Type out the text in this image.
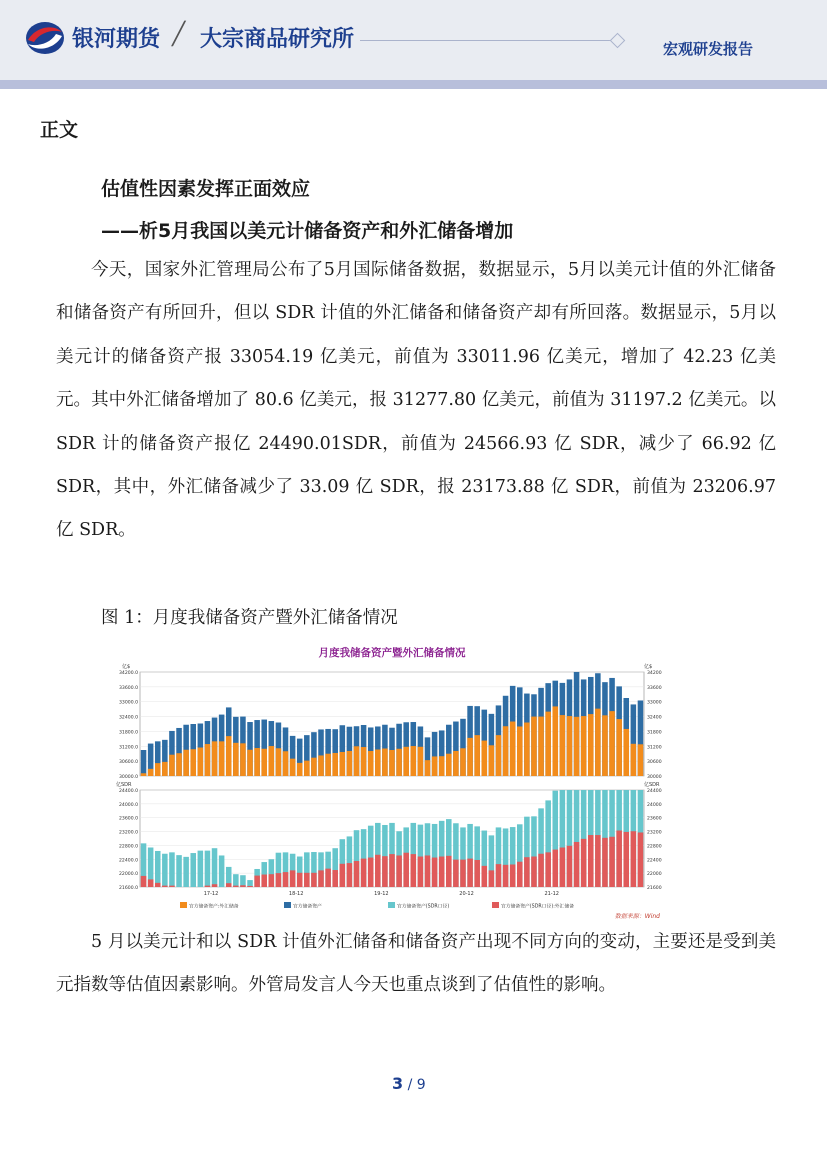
银河期货 ╱ 大宗商品研究所	宏观研发报告
正文
估值性因素发挥正面效应
——析5月我国以美元计储备资产和外汇储备增加

今天，国家外汇管理局公布了5月国际储备数据，数据显示，5月以美元计值的外汇储备和储备资产有所回升，但以 SDR 计值的外汇储备和储备资产却有所回落。数据显示，5月以美元计的储备资产报 33054.19 亿美元，前值为 33011.96 亿美元，增加了 42.23 亿美元。其中外汇储备增加了 80.6 亿美元，报 31277.80 亿美元，前值为 31197.2 亿美元。以 SDR 计的储备资产报亿 24490.01SDR，前值为 24566.93 亿 SDR，减少了 66.92 亿 SDR，其中，外汇储备减少了 33.09 亿 SDR，报 23173.88 亿 SDR，前值为 23206.97 亿 SDR。

图 1：月度我储备资产暨外汇储备情况
月度我储备资产暨外汇储备情况
亿$	亿$
亿SDR	亿SDR
34200.0	34200
33600.0	33600
33000.0	33000
32400.0	32400
31800.0	31800
31200.0	31200
30600.0	30600
30000.0	30000
24400.0	24400
24000.0	24000
23600.0	23600
23200.0	23200
22800.0	22800
22400.0	22400
22000.0	22000
21600.0	21600
17-12	18-12	19-12	20-12	21-12
官方储备资产:外汇储备	官方储备资产	官方储备资产(SDR口径)	官方储备资产(SDR口径):外汇储备
数据来源：Wind

5 月以美元计和以 SDR 计值外汇储备和储备资产出现不同方向的变动，主要还是受到美元指数等估值因素影响。外管局发言人今天也重点谈到了估值性的影响。

3 / 9
